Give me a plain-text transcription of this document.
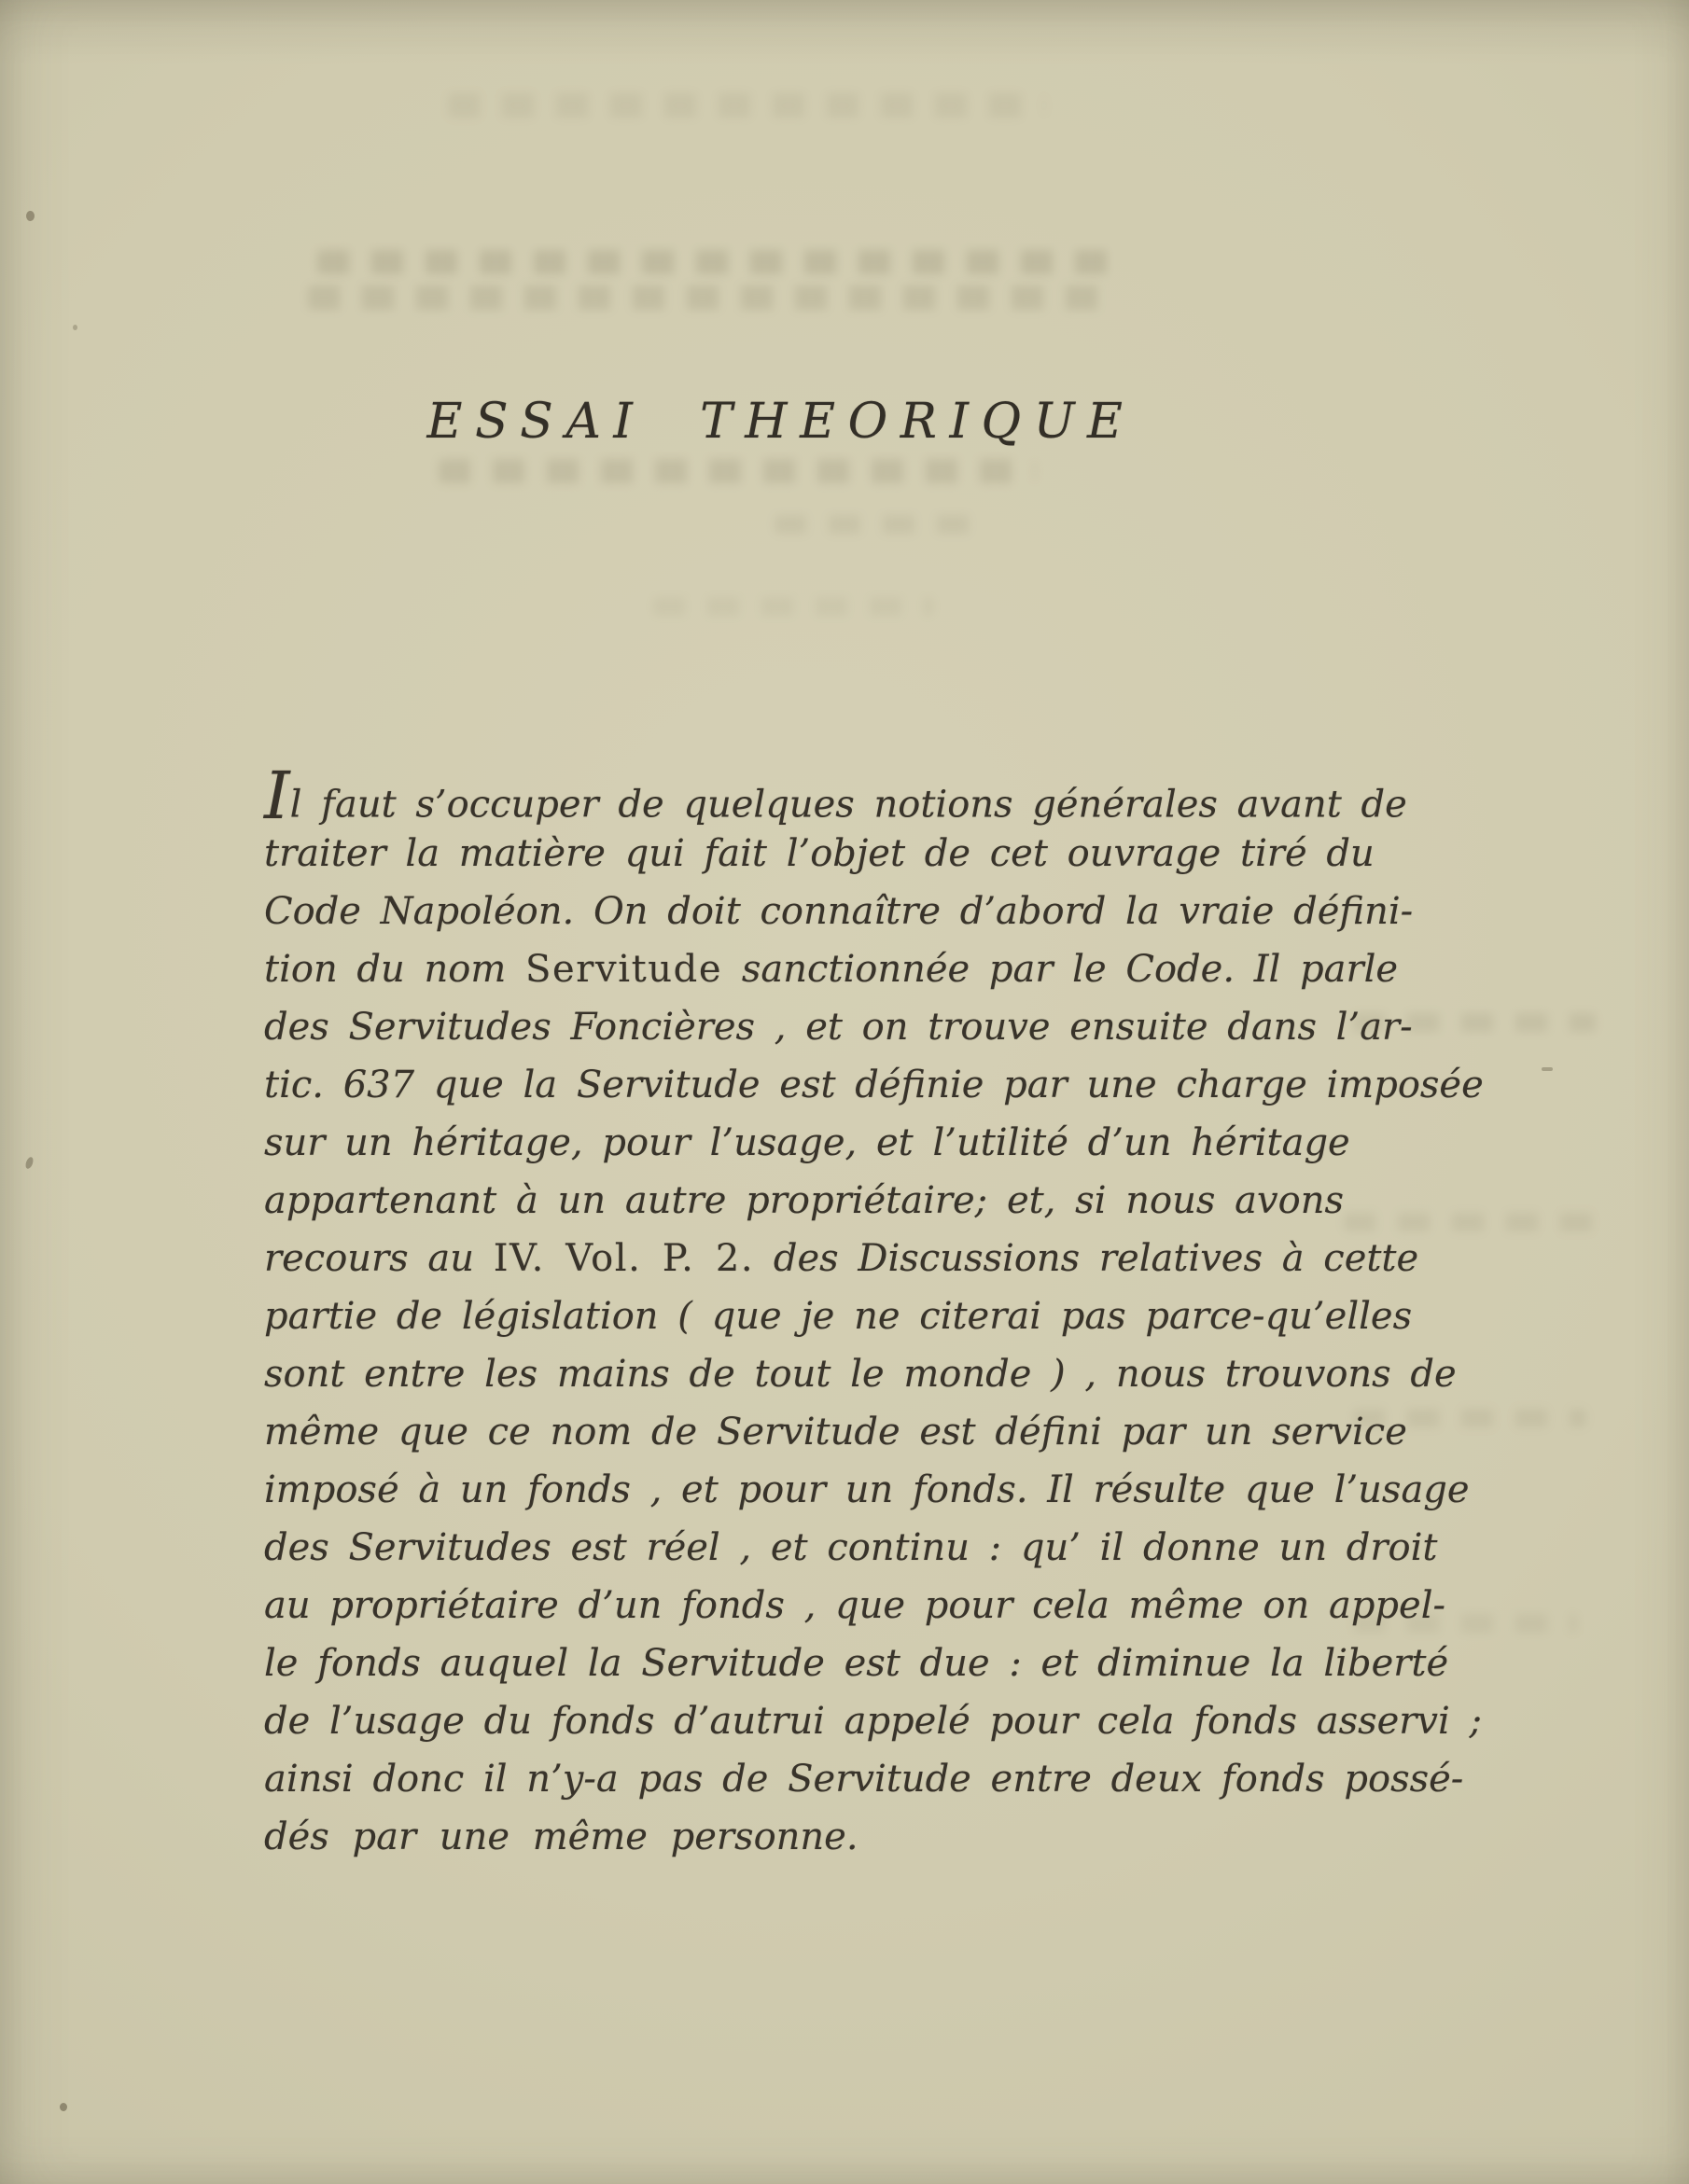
ESSAI THEORIQUE
Il faut s’occuper de quelques notions générales avant de
traiter la matière qui fait l’objet de cet ouvrage tiré du
Code Napoléon. On doit connaître d’abord la vraie défini-
tion du nom Servitude sanctionnée par le Code. Il parle
des Servitudes Foncières , et on trouve ensuite dans l’ar-
tic. 637 que la Servitude est définie par une charge imposée
sur un héritage, pour l’usage, et l’utilité d’un héritage
appartenant à un autre propriétaire; et, si nous avons
recours au IV. Vol. P. 2. des Discussions relatives à cette
partie de législation ( que je ne citerai pas parce-qu’elles
sont entre les mains de tout le monde ) , nous trouvons de
même que ce nom de Servitude est défini par un service
imposé à un fonds , et pour un fonds. Il résulte que l’usage
des Servitudes est réel , et continu : qu’ il donne un droit
au propriétaire d’un fonds , que pour cela même on appel-
le fonds auquel la Servitude est due : et diminue la liberté
de l’usage du fonds d’autrui appelé pour cela fonds asservi ;
ainsi donc il n’y-a pas de Servitude entre deux fonds possé-
dés par une même personne.
